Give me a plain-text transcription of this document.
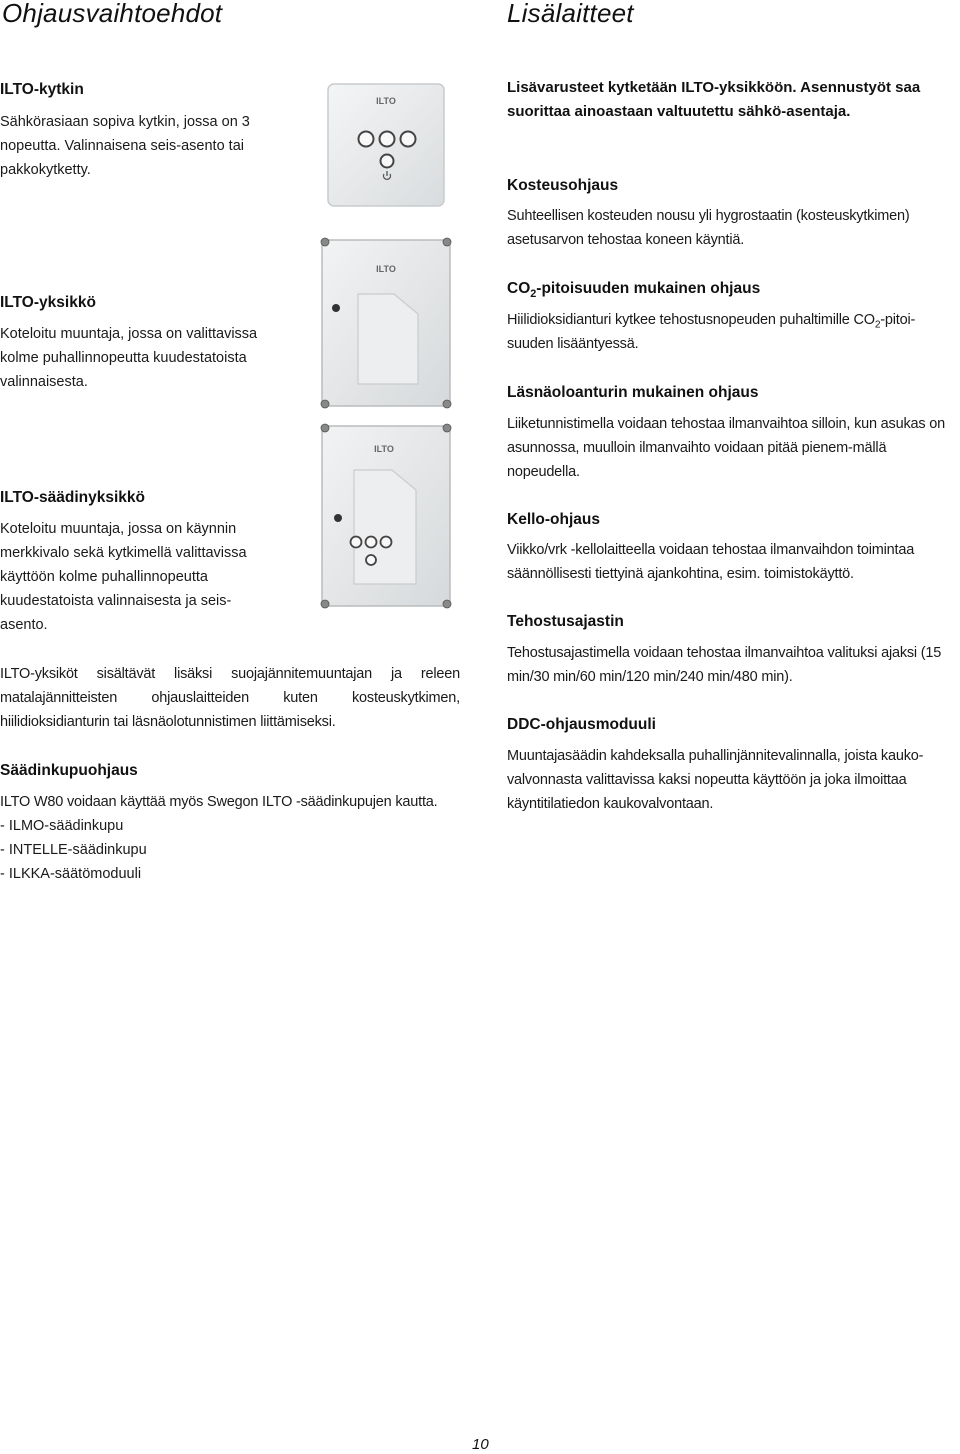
Ohjausvaihtoehdot	Lisälaitteet
ILTO-kytkin
Sähkörasiaan sopiva kytkin, jossa on 3 nopeutta. Valinnaisena seis-asento tai pakkokytketty.
ILTO-yksikkö
Koteloitu muuntaja, jossa on valittavissa kolme puhallinnopeutta kuudestatoista valinnaisesta.
ILTO-säädinyksikkö
Koteloitu muuntaja, jossa on käynnin merkkivalo sekä kytkimellä valittavissa käyttöön kolme puhallinnopeutta kuudestatoista valinnaisesta ja seis-asento.
ILTO-yksiköt sisältävät lisäksi suojajännitemuuntajan ja releen matalajännitteisten ohjauslaitteiden kuten kosteuskytkimen, hiilidioksidianturin tai läsnäolotunnistimen liittämiseksi.
Säädinkupuohjaus
ILTO W80 voidaan käyttää myös Swegon ILTO -säädinkupujen kautta.
- ILMO-säädinkupu
- INTELLE-säädinkupu
- ILKKA-säätömoduuli
ILTO
ILTO
ILTO
Lisävarusteet kytketään ILTO-yksikköön. Asennustyöt saa suorittaa ainoastaan valtuutettu sähkö-asentaja.
Kosteusohjaus
Suhteellisen kosteuden nousu yli hygrostaatin (kosteuskytkimen) asetusarvon tehostaa koneen käyntiä.
$CO_2$-pitoisuuden mukainen ohjaus
Hiilidioksidianturi kytkee tehostusnopeuden puhaltimille $CO_2-pitoi-$
suuden lisääntyessä.
Läsnäoloanturin mukainen ohjaus
Liiketunnistimella voidaan tehostaa ilmanvaihtoa silloin, kun asukas on asunnossa, muulloin ilmanvaihto voidaan pitää pienem-mällä nopeudella.
Kello-ohjaus
Viikko/vrk -kellolaitteella voidaan tehostaa ilmanvaihdon toimintaa säännöllisesti tiettyinä ajankohtina, esim. toimistokäyttö.
Tehostusajastin
Tehostusajastimella voidaan tehostaa ilmanvaihtoa valituksi ajaksi (15 min/30 min/60 min/120 min/240 min/480 min).
DDC-ohjausmoduuli
Muuntajasäädin kahdeksalla puhallinjännitevalinnalla, joista kauko-valvonnasta valittavissa kaksi nopeutta käyttöön ja joka ilmoittaa käyntitilatiedon kaukovalvontaan.
10
